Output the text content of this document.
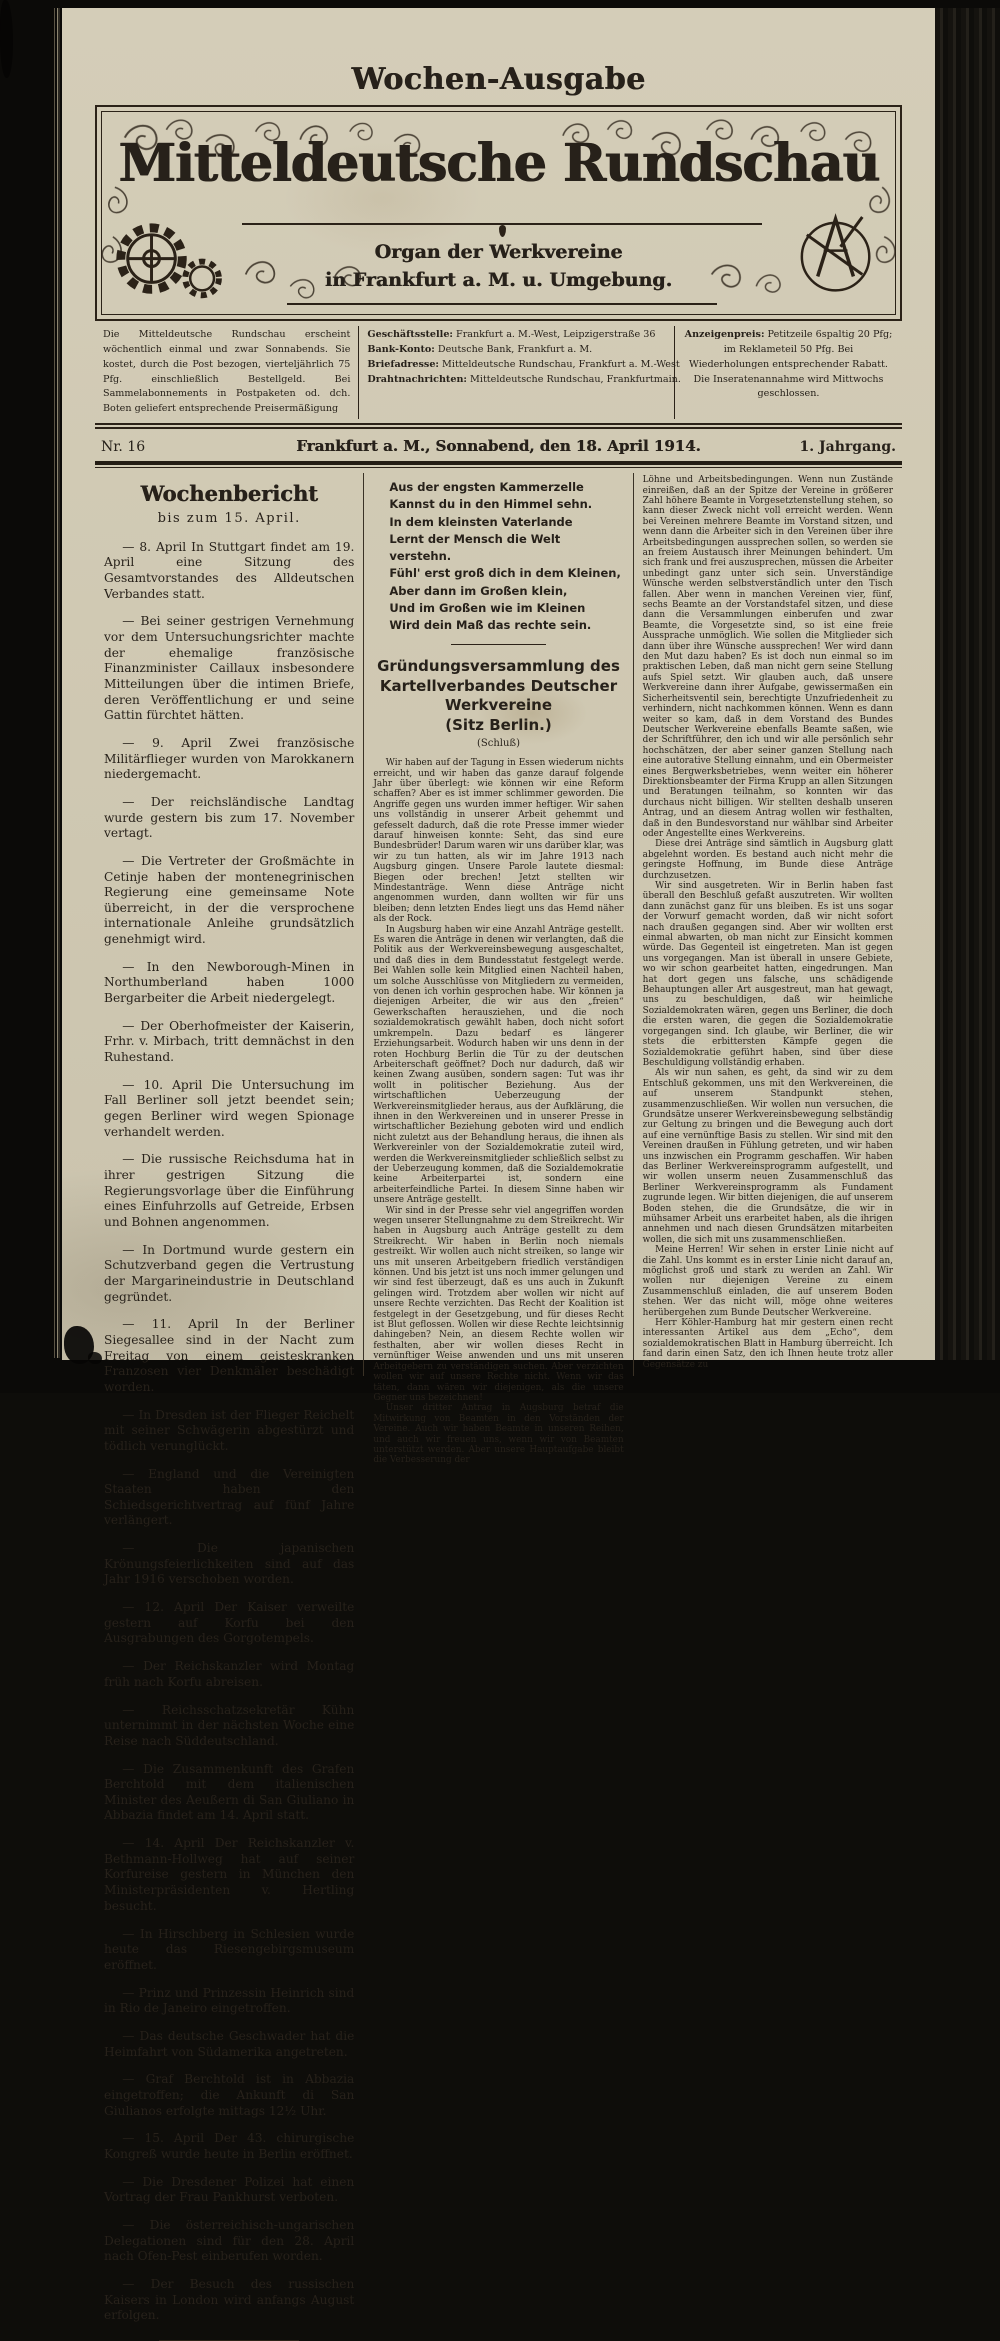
Wochen-Ausgabe
Mitteldeutsche Rundschau
Organ der Werkvereine
in Frankfurt a. M. u. Umgebung.
Die Mitteldeutsche Rundschau erscheint wöchentlich einmal und zwar Sonnabends. Sie kostet, durch die Post bezogen, vierteljährlich 75 Pfg. einschließlich Bestellgeld. Bei Sammelabonnements in Postpaketen od. dch. Boten geliefert entsprechende Preisermäßigung
Geschäftsstelle: Frankfurt a. M.-West, Leipzigerstraße 36
Bank-Konto: Deutsche Bank, Frankfurt a. M.
Briefadresse: Mitteldeutsche Rundschau, Frankfurt a. M.-West
Drahtnachrichten: Mitteldeutsche Rundschau, Frankfurtmain.
Anzeigenpreis: Petitzeile 6spaltig 20 Pfg; im Reklameteil 50 Pfg. Bei Wiederholungen entsprechender Rabatt. Die Inseratenannahme wird Mittwochs geschlossen.
Nr. 16	Frankfurt a. M., Sonnabend, den 18. April 1914.	1. Jahrgang.
Wochenbericht
bis zum 15. April.

— 8. April In Stuttgart findet am 19. April eine Sitzung des Gesamtvorstandes des Alldeutschen Verbandes statt.

— Bei seiner gestrigen Vernehmung vor dem Untersuchungsrichter machte der ehemalige französische Finanzminister Caillaux insbesondere Mitteilungen über die intimen Briefe, deren Veröffentlichung er und seine Gattin fürchtet hätten.

— 9. April Zwei französische Militärflieger wurden von Marokkanern niedergemacht.

— Der reichsländische Landtag wurde gestern bis zum 17. November vertagt.

— Die Vertreter der Großmächte in Cetinje haben der montenegrinischen Regierung eine gemeinsame Note überreicht, in der die versprochene internationale Anleihe grundsätzlich genehmigt wird.

— In den Newborough-Minen in Northumberland haben 1000 Bergarbeiter die Arbeit niedergelegt.

— Der Oberhofmeister der Kaiserin, Frhr. v. Mirbach, tritt demnächst in den Ruhestand.

— 10. April Die Untersuchung im Fall Berliner soll jetzt beendet sein; gegen Berliner wird wegen Spionage verhandelt werden.

— Die russische Reichsduma hat in ihrer gestrigen Sitzung die Regierungsvorlage über die Einführung eines Einfuhrzolls auf Getreide, Erbsen und Bohnen angenommen.

— In Dortmund wurde gestern ein Schutzverband gegen die Vertrustung der Margarineindustrie in Deutschland gegründet.

— 11. April In der Berliner Siegesallee sind in der Nacht zum Freitag von einem geisteskranken Franzosen vier Denkmäler beschädigt worden.

— In Dresden ist der Flieger Reichelt mit seiner Schwägerin abgestürzt und tödlich verunglückt.

— England und die Vereinigten Staaten haben den Schiedsgerichtvertrag auf fünf Jahre verlängert.

— Die japanischen Krönungsfeierlichkeiten sind auf das Jahr 1916 verschoben worden.

— 12. April Der Kaiser verweilte gestern auf Korfu bei den Ausgrabungen des Gorgotempels.

— Der Reichskanzler wird Montag früh nach Korfu abreisen.

— Reichsschatzsekretär Kühn unternimmt in der nächsten Woche eine Reise nach Süddeutschland.

— Die Zusammenkunft des Grafen Berchtold mit dem italienischen Minister des Aeußern di San Giuliano in Abbazia findet am 14. April statt.

— 14. April Der Reichskanzler v. Bethmann-Hollweg hat auf seiner Korfureise gestern in München den Ministerpräsidenten v. Hertling besucht.

— In Hirschberg in Schlesien wurde heute das Riesengebirgsmuseum eröffnet.

— Prinz und Prinzessin Heinrich sind in Rio de Janeiro eingetroffen.

— Das deutsche Geschwader hat die Heimfahrt von Südamerika angetreten.

— Graf Berchtold ist in Abbazia eingetroffen; die Ankunft di San Giulianos erfolgte mittags 12½ Uhr.

— 15. April Der 43. chirurgische Kongreß wurde heute in Berlin eröffnet.

— Die Dresdener Polizei hat einen Vortrag der Frau Pankhurst verboten.

— Die österreichisch-ungarischen Delegationen sind für den 28. April nach Ofen-Pest einberufen worden.

— Der Besuch des russischen Kaisers in London wird anfangs August erfolgen.

Aus der engsten Kammerzelle
Kannst du in den Himmel sehn.
In dem kleinsten Vaterlande
Lernt der Mensch die Welt verstehn.
Fühl' erst groß dich in dem Kleinen,
Aber dann im Großen klein,
Und im Großen wie im Kleinen
Wird dein Maß das rechte sein.
Gründungsversammlung des Kartellverbandes Deutscher Werkvereine
(Sitz Berlin.)
(Schluß)

Wir haben auf der Tagung in Essen wiederum nichts erreicht, und wir haben das ganze darauf folgende Jahr über überlegt: wie können wir eine Reform schaffen? Aber es ist immer schlimmer geworden. Die Angriffe gegen uns wurden immer heftiger. Wir sahen uns vollständig in unserer Arbeit gehemmt und gefesselt dadurch, daß die rote Presse immer wieder darauf hinweisen konnte: Seht, das sind eure Bundesbrüder! Darum waren wir uns darüber klar, was wir zu tun hatten, als wir im Jahre 1913 nach Augsburg gingen. Unsere Parole lautete diesmal: Biegen oder brechen! Jetzt stellten wir Mindestanträge. Wenn diese Anträge nicht angenommen wurden, dann wollten wir für uns bleiben; denn letzten Endes liegt uns das Hemd näher als der Rock.

In Augsburg haben wir eine Anzahl Anträge gestellt. Es waren die Anträge in denen wir verlangten, daß die Politik aus der Werkvereinsbewegung ausgeschaltet, und daß dies in dem Bundesstatut festgelegt werde. Bei Wahlen solle kein Mitglied einen Nachteil haben, um solche Ausschlüsse von Mitgliedern zu vermeiden, von denen ich vorhin gesprochen habe. Wir können ja diejenigen Arbeiter, die wir aus den „freien“ Gewerkschaften herausziehen, und die noch sozialdemokratisch gewählt haben, doch nicht sofort umkrempeln. Dazu bedarf es längerer Erziehungsarbeit. Wodurch haben wir uns denn in der roten Hochburg Berlin die Tür zu der deutschen Arbeiterschaft geöffnet? Doch nur dadurch, daß wir keinen Zwang ausüben, sondern sagen: Tut was ihr wollt in politischer Beziehung. Aus der wirtschaftlichen Ueberzeugung der Werkvereinsmitglieder heraus, aus der Aufklärung, die ihnen in den Werkvereinen und in unserer Presse in wirtschaftlicher Beziehung geboten wird und endlich nicht zuletzt aus der Behandlung heraus, die ihnen als Werkvereinler von der Sozialdemokratie zuteil wird, werden die Werkvereinsmitglieder schließlich selbst zu der Ueberzeugung kommen, daß die Sozialdemokratie keine Arbeiterpartei ist, sondern eine arbeiterfeindliche Partei. In diesem Sinne haben wir unsere Anträge gestellt.

Wir sind in der Presse sehr viel angegriffen worden wegen unserer Stellungnahme zu dem Streikrecht. Wir haben in Augsburg auch Anträge gestellt zu dem Streikrecht. Wir haben in Berlin noch niemals gestreikt. Wir wollen auch nicht streiken, so lange wir uns mit unseren Arbeitgebern friedlich verständigen können. Und bis jetzt ist uns noch immer gelungen und wir sind fest überzeugt, daß es uns auch in Zukunft gelingen wird. Trotzdem aber wollen wir nicht auf unsere Rechte verzichten. Das Recht der Koalition ist festgelegt in der Gesetzgebung, und für dieses Recht ist Blut geflossen. Wollen wir diese Rechte leichtsinnig dahingeben? Nein, an diesem Rechte wollen wir festhalten, aber wir wollen dieses Recht in vernünftiger Weise anwenden und uns mit unseren Arbeitgebern zu verständigen suchen. Aber verzichten wollen wir auf unsere Rechte nicht. Wenn wir das täten, dann wären wir diejenigen, als die unsere Gegner uns bezeichnen!

Unser dritter Antrag in Augsburg betraf die Mitwirkung von Beamten in den Vorständen der Vereine. Auch wir haben Beamte in unseren Reihen, und auch wir freuen uns, wenn wir von Beamten unterstützt werden. Aber unsere Hauptaufgabe bleibt die Verbesserung der

Löhne und Arbeitsbedingungen. Wenn nun Zustände einreißen, daß an der Spitze der Vereine in größerer Zahl höhere Beamte in Vorgesetztenstellung stehen, so kann dieser Zweck nicht voll erreicht werden. Wenn bei Vereinen mehrere Beamte im Vorstand sitzen, und wenn dann die Arbeiter sich in den Vereinen über ihre Arbeitsbedingungen aussprechen sollen, so werden sie an freiem Austausch ihrer Meinungen behindert. Um sich frank und frei auszusprechen, müssen die Arbeiter unbedingt ganz unter sich sein. Unverständige Wünsche werden selbstverständlich unter den Tisch fallen. Aber wenn in manchen Vereinen vier, fünf, sechs Beamte an der Vorstandstafel sitzen, und diese dann die Versammlungen einberufen und zwar Beamte, die Vorgesetzte sind, so ist eine freie Aussprache unmöglich. Wie sollen die Mitglieder sich dann über ihre Wünsche aussprechen! Wer wird dann den Mut dazu haben? Es ist doch nun einmal so im praktischen Leben, daß man nicht gern seine Stellung aufs Spiel setzt. Wir glauben auch, daß unsere Werkvereine dann ihrer Aufgabe, gewissermaßen ein Sicherheitsventil sein, berechtigte Unzufriedenheit zu verhindern, nicht nachkommen können. Wenn es dann weiter so kam, daß in dem Vorstand des Bundes Deutscher Werkvereine ebenfalls Beamte saßen, wie der Schriftführer, den ich und wir alle persönlich sehr hochschätzen, der aber seiner ganzen Stellung nach eine autorative Stellung einnahm, und ein Obermeister eines Bergwerksbetriebes, wenn weiter ein höherer Direktionsbeamter der Firma Krupp an allen Sitzungen und Beratungen teilnahm, so konnten wir das durchaus nicht billigen. Wir stellten deshalb unseren Antrag, und an diesem Antrag wollen wir festhalten, daß in den Bundesvorstand nur wählbar sind Arbeiter oder Angestellte eines Werkvereins.

Diese drei Anträge sind sämtlich in Augsburg glatt abgelehnt worden. Es bestand auch nicht mehr die geringste Hoffnung, im Bunde diese Anträge durchzusetzen.

Wir sind ausgetreten. Wir in Berlin haben fast überall den Beschluß gefaßt auszutreten. Wir wollten dann zunächst ganz für uns bleiben. Es ist uns sogar der Vorwurf gemacht worden, daß wir nicht sofort nach draußen gegangen sind. Aber wir wollten erst einmal abwarten, ob man nicht zur Einsicht kommen würde. Das Gegenteil ist eingetreten. Man ist gegen uns vorgegangen. Man ist überall in unsere Gebiete, wo wir schon gearbeitet hatten, eingedrungen. Man hat dort gegen uns falsche, uns schädigende Behauptungen aller Art ausgestreut, man hat gewagt, uns zu beschuldigen, daß wir heimliche Sozialdemokraten wären, gegen uns Berliner, die doch die ersten waren, die gegen die Sozialdemokratie vorgegangen sind. Ich glaube, wir Berliner, die wir stets die erbittersten Kämpfe gegen die Sozialdemokratie geführt haben, sind über diese Beschuldigung vollständig erhaben.

Als wir nun sahen, es geht, da sind wir zu dem Entschluß gekommen, uns mit den Werkvereinen, die auf unserem Standpunkt stehen, zusammenzuschließen. Wir wollen nun versuchen, die Grundsätze unserer Werkvereinsbewegung selbständig zur Geltung zu bringen und die Bewegung auch dort auf eine vernünftige Basis zu stellen. Wir sind mit den Vereinen draußen in Fühlung getreten, und wir haben uns inzwischen ein Programm geschaffen. Wir haben das Berliner Werkvereinsprogramm aufgestellt, und wir wollen unserm neuen Zusammenschluß das Berliner Werkvereinsprogramm als Fundament zugrunde legen. Wir bitten diejenigen, die auf unserem Boden stehen, die die Grundsätze, die wir in mühsamer Arbeit uns erarbeitet haben, als die ihrigen annehmen und nach diesen Grundsätzen mitarbeiten wollen, die sich mit uns zusammenschließen.

Meine Herren! Wir sehen in erster Linie nicht auf die Zahl. Uns kommt es in erster Linie nicht darauf an, möglichst groß und stark zu werden an Zahl. Wir wollen nur diejenigen Vereine zu einem Zusammenschluß einladen, die auf unserem Boden stehen. Wer das nicht will, möge ohne weiteres herübergehen zum Bunde Deutscher Werkvereine.

Herr Köhler-Hamburg hat mir gestern einen recht interessanten Artikel aus dem „Echo“, dem sozialdemokratischen Blatt in Hamburg überreicht. Ich fand darin einen Satz, den ich Ihnen heute trotz aller Gegensätze zu
